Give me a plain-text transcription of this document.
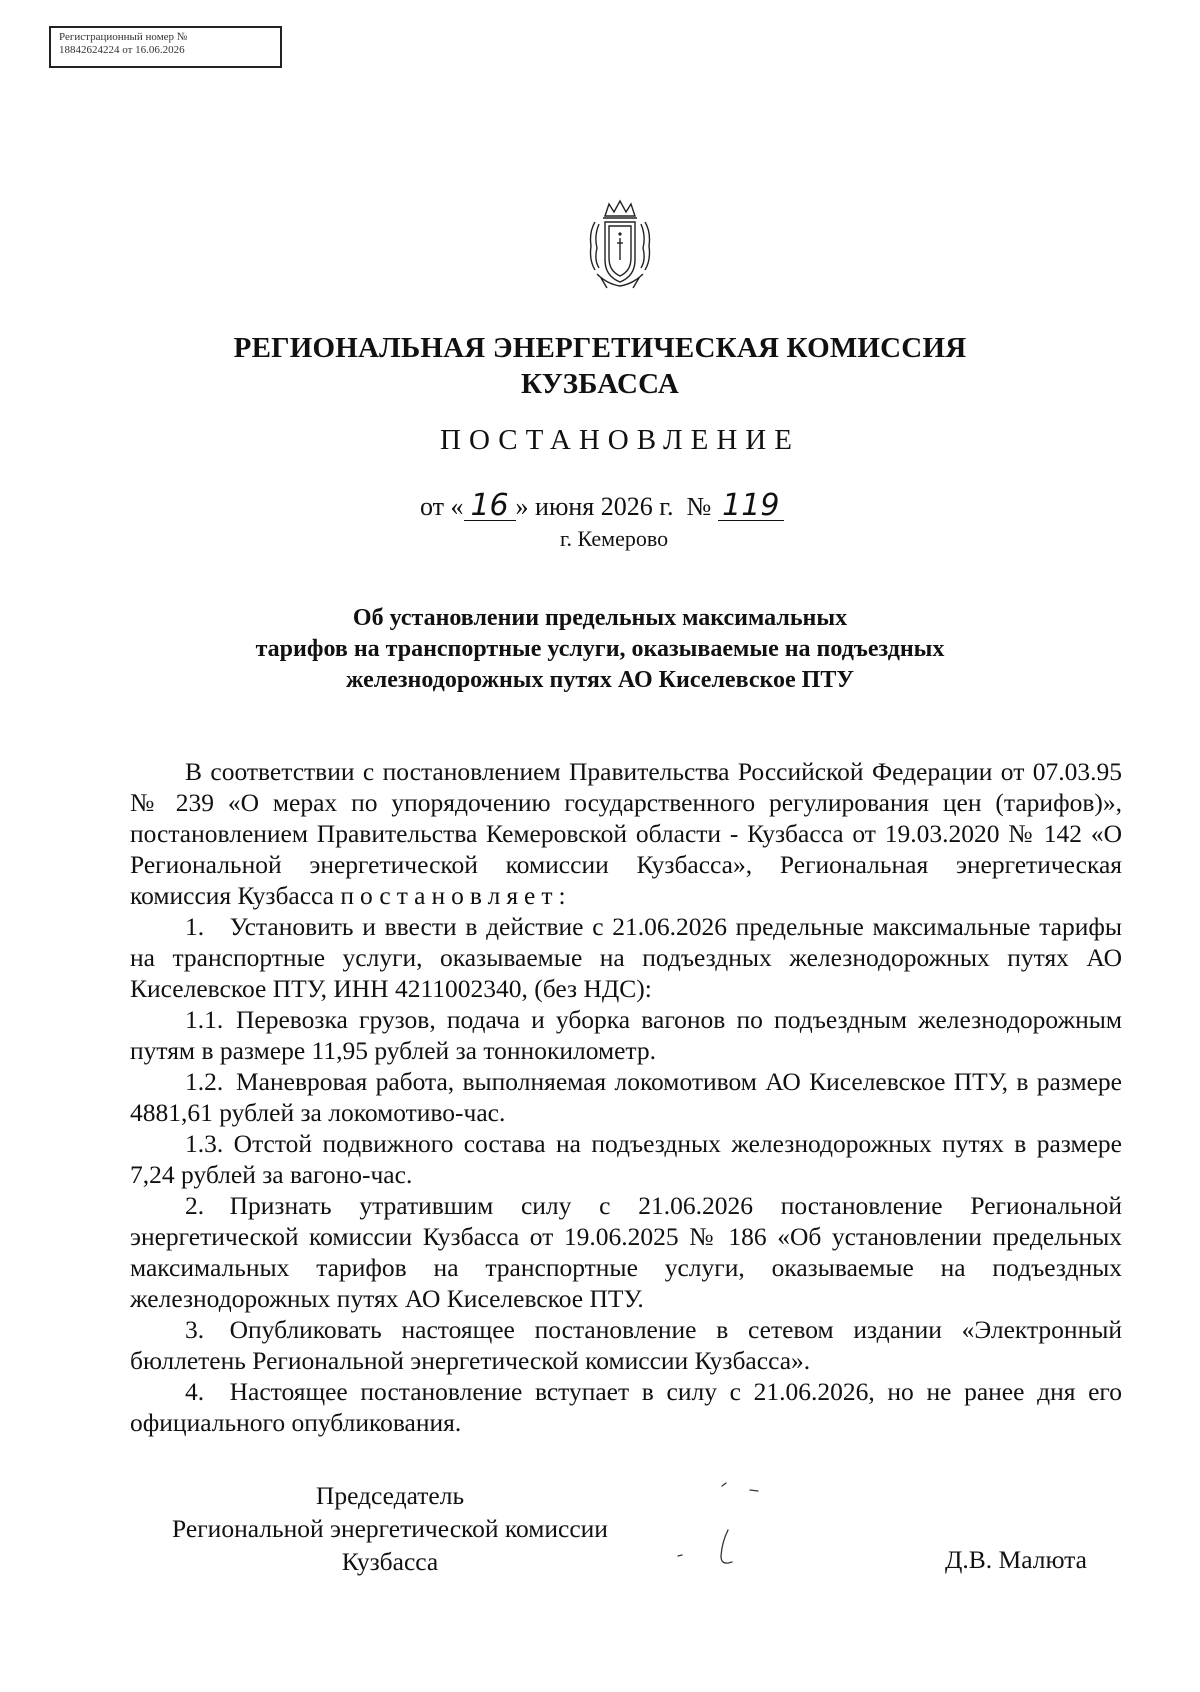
Регистрационный номер №
18842624224 от 16.06.2026
РЕГИОНАЛЬНАЯ ЭНЕРГЕТИЧЕСКАЯ КОМИССИЯ
КУЗБАССА
ПОСТАНОВЛЕНИЕ
от « 16 » июня 2026 г. № 119
г. Кемерово
Об установлении предельных максимальных
тарифов на транспортные услуги, оказываемые на подъездных
железнодорожных путях АО Киселевское ПТУ

В соответствии с постановлением Правительства Российской Федерации от 07.03.95 № 239 «О мерах по упорядочению государственного регулирования цен (тарифов)», постановлением Правительства Кемеровской области - Кузбасса от 19.03.2020 № 142 «О Региональной энергетической комиссии Кузбасса», Региональная энергетическая комиссия Кузбасса постановляет:

1. Установить и ввести в действие с 21.06.2026 предельные максимальные тарифы на транспортные услуги, оказываемые на подъездных железнодорожных путях АО Киселевское ПТУ, ИНН 4211002340, (без НДС):

1.1. Перевозка грузов, подача и уборка вагонов по подъездным железнодорожным путям в размере 11,95 рублей за тоннокилометр.

1.2. Маневровая работа, выполняемая локомотивом АО Киселевское ПТУ, в размере 4881,61 рублей за локомотиво-час.

1.3. Отстой подвижного состава на подъездных железнодорожных путях в размере 7,24 рублей за вагоно-час.

2. Признать утратившим силу с 21.06.2026 постановление Региональной энергетической комиссии Кузбасса от 19.06.2025 № 186 «Об установлении предельных максимальных тарифов на транспортные услуги, оказываемые на подъездных железнодорожных путях АО Киселевское ПТУ.

3. Опубликовать настоящее постановление в сетевом издании «Электронный бюллетень Региональной энергетической комиссии Кузбасса».

4. Настоящее постановление вступает в силу с 21.06.2026, но не ранее дня его официального опубликования.

Председатель
Региональной энергетической комиссии
Кузбасса	Д.В. Малюта
